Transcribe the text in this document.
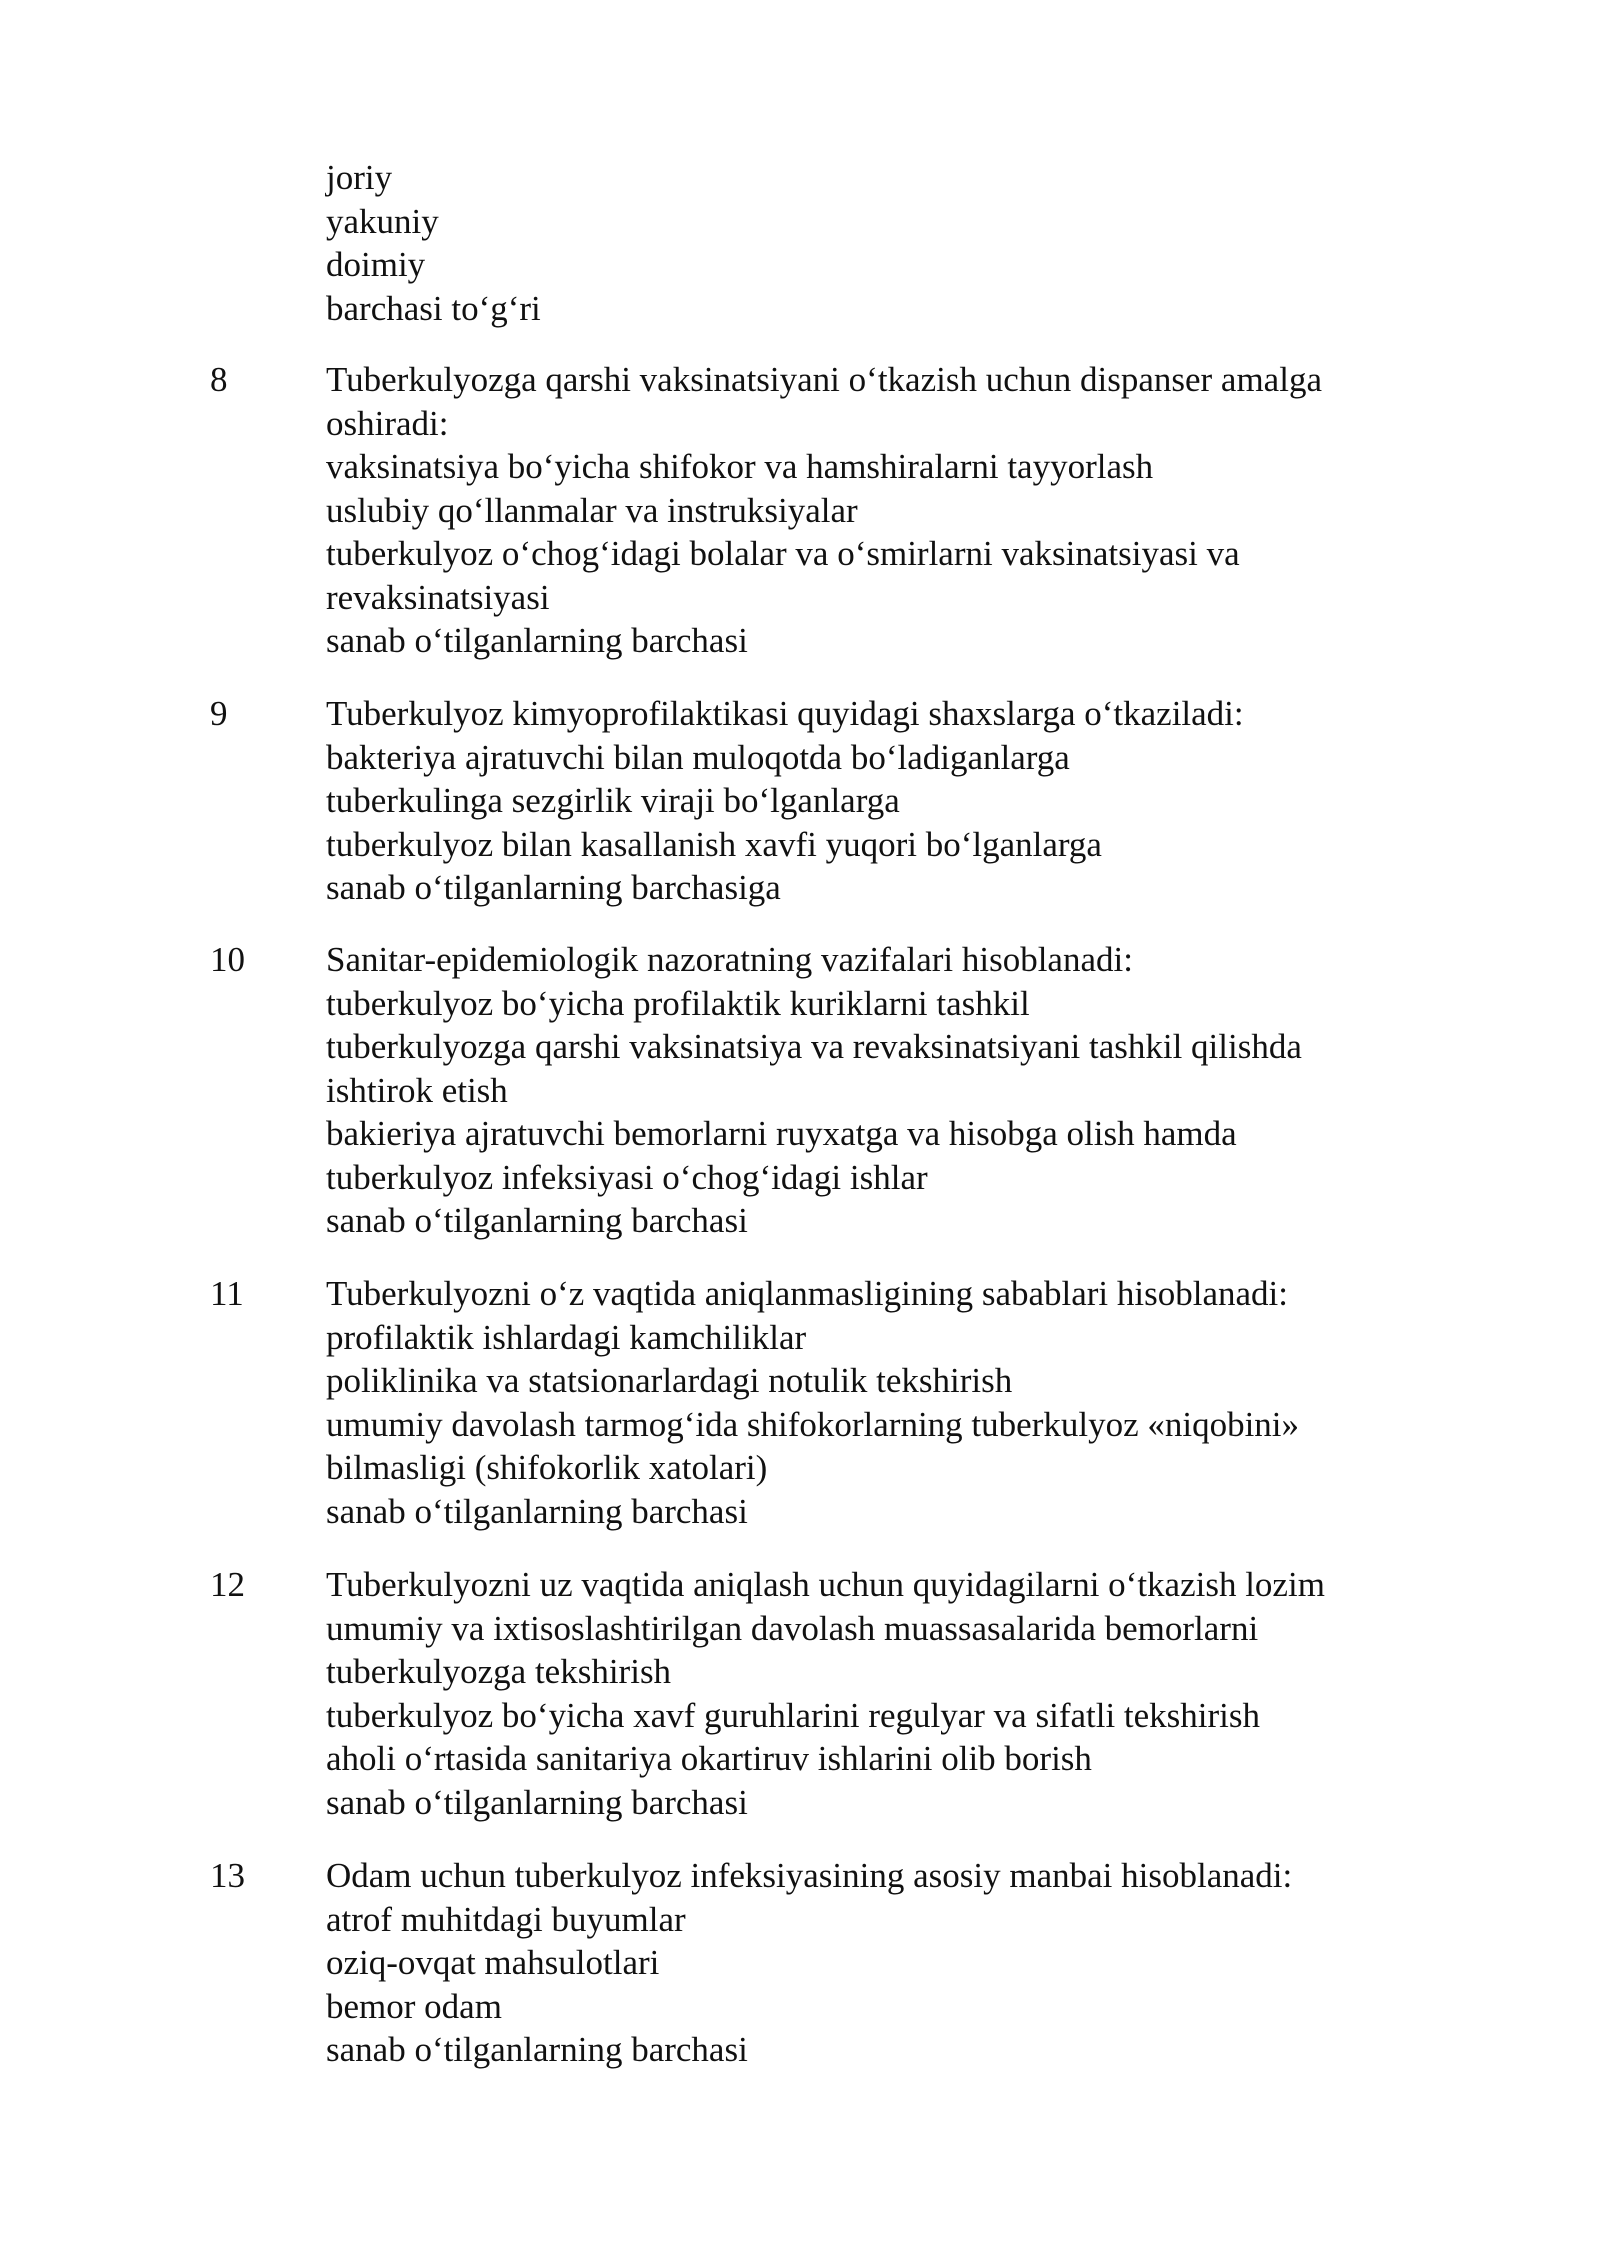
joriy
yakuniy
doimiy
barchasi to‘g‘ri
8	Tuberkulyozga qarshi vaksinatsiyani o‘tkazish uchun dispanser amalga
oshiradi:
vaksinatsiya bo‘yicha shifokor va hamshiralarni tayyorlash
uslubiy qo‘llanmalar va instruksiyalar
tuberkulyoz o‘chog‘idagi bolalar va o‘smirlarni vaksinatsiyasi va
revaksinatsiyasi
sanab o‘tilganlarning barchasi
9	Tuberkulyoz kimyoprofilaktikasi quyidagi shaxslarga o‘tkaziladi:
bakteriya ajratuvchi bilan muloqotda bo‘ladiganlarga
tuberkulinga sezgirlik viraji bo‘lganlarga
tuberkulyoz bilan kasallanish xavfi yuqori bo‘lganlarga
sanab o‘tilganlarning barchasiga
10 Sanitar-epidemiologik nazoratning vazifalari hisoblanadi:
tuberkulyoz bo‘yicha profilaktik kuriklarni tashkil
tuberkulyozga qarshi vaksinatsiya va revaksinatsiyani tashkil qilishda
ishtirok etish
bakieriya ajratuvchi bemorlarni ruyxatga va hisobga olish hamda
tuberkulyoz infeksiyasi o‘chog‘idagi ishlar
sanab o‘tilganlarning barchasi
11 Tuberkulyozni o‘z vaqtida aniqlanmasligining sabablari hisoblanadi:
profilaktik ishlardagi kamchiliklar
poliklinika va statsionarlardagi notulik tekshirish
umumiy davolash tarmog‘ida shifokorlarning tuberkulyoz «niqobini»
bilmasligi (shifokorlik xatolari)
sanab o‘tilganlarning barchasi
12 Tuberkulyozni uz vaqtida aniqlash uchun quyidagilarni o‘tkazish lozim
umumiy va ixtisoslashtirilgan davolash muassasalarida bemorlarni
tuberkulyozga tekshirish
tuberkulyoz bo‘yicha xavf guruhlarini regulyar va sifatli tekshirish
aholi o‘rtasida sanitariya okartiruv ishlarini olib borish
sanab o‘tilganlarning barchasi
13 Odam uchun tuberkulyoz infeksiyasining asosiy manbai hisoblanadi:
atrof muhitdagi buyumlar
oziq-ovqat mahsulotlari
bemor odam
sanab o‘tilganlarning barchasi
